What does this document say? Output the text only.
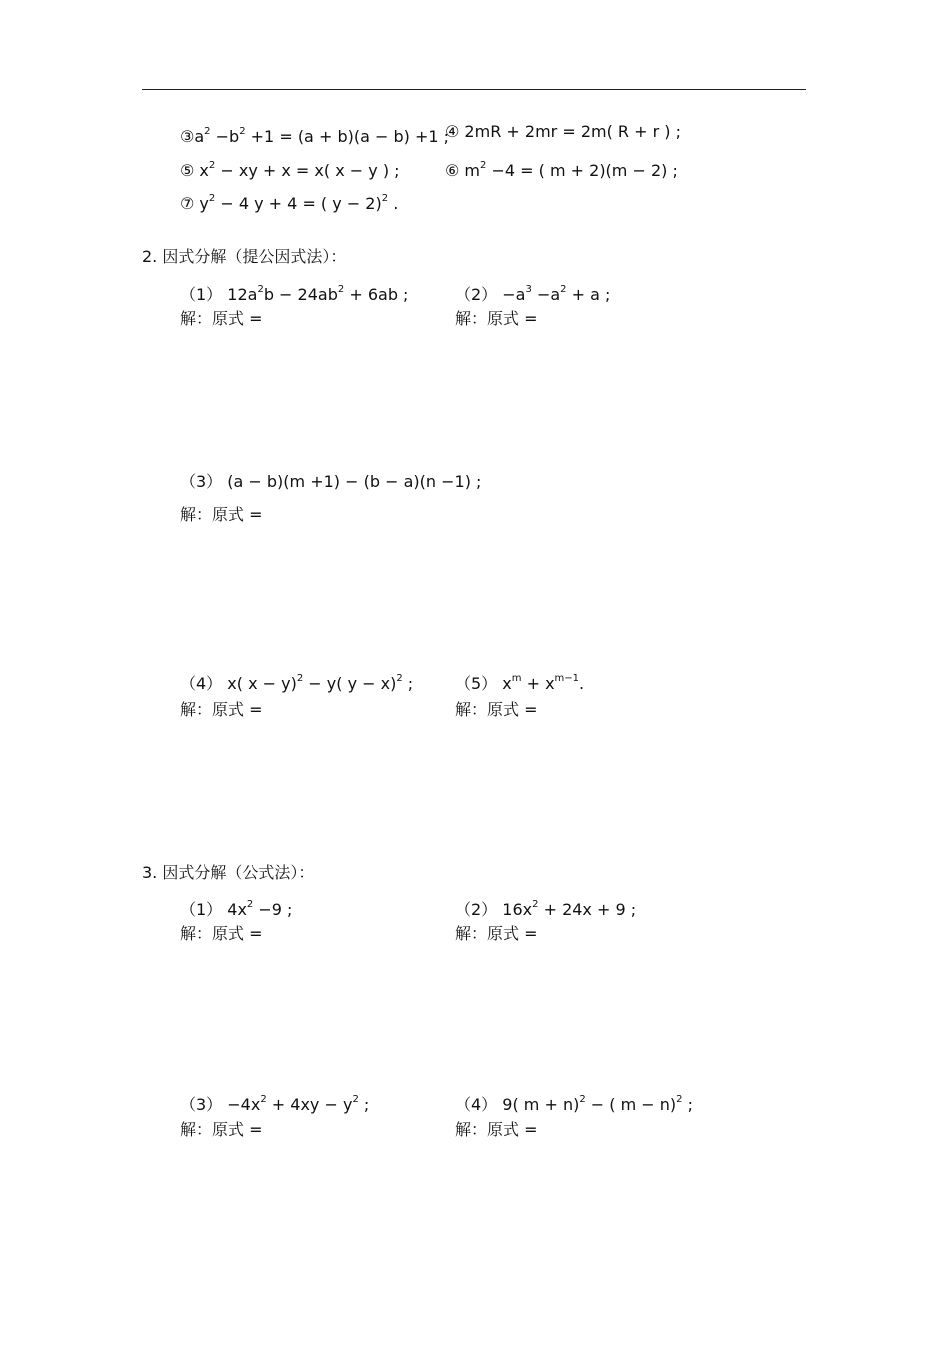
$③a^2 -b^2 +1 = (a + b)(a - b) +1$ ;
④ 2mR + 2mr = 2m( R + r ) ;
⑤ $x^2$ − xy + x = x( x − y ) ;	⑥ $m^2 -4$ = ( m + 2)(m − 2) ;
⑦ $y^2 - 4$ y + 4 = ( y − 2)$^2$ .
2. 因式分解（提公因式法）：
（1） $12a^2b - 24ab^2 + 6ab$ ;	$(2) -a^3 -a^2 + a$ ;
解：原式 =	解：原式 =
（3） (a − b)(m +1) − (b − a)(n −1) ;
解：原式 =
（4） x( x − y)$^2$ − y( y − x)$^2$ ;	（5） $x^m + x^{m-1}$.
解：原式 =	解：原式 =
3. 因式分解（公式法）：
（1） $4x^2 -9$ ;	（2） $16x^2 + 24x + 9$ ;
解：原式 =	解：原式 =
$(3) -4x^2 + 4xy - y^2$ ;	（4） 9( m + n)$^2$ − ( m − n)$^2$ ;
解：原式 =	解：原式 =
